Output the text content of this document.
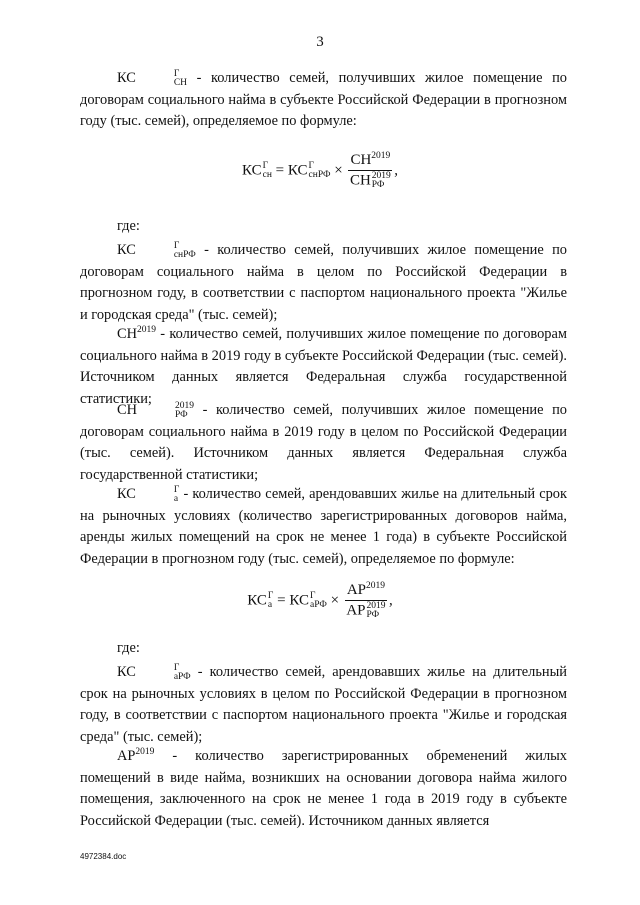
3
КС	Г
СН - количество семей, получивших жилое помещение по договорам социального найма в субъекте Российской Федерации в прогнозном году (тыс. семей), определяемое по формуле:
КС Г
сн = КС Г
снРФ × $СН^{2019}$
СН 2019
РФ ,
где:
КС	Г
снРФ - количество семей, получивших жилое помещение по договорам социального найма в целом по Российской Федерации в прогнозном году, в соответствии с паспортом национального проекта "Жилье и городская среда" (тыс. семей);
$СН^{2019}$ - количество семей, получивших жилое помещение по договорам социального найма в 2019 году в субъекте Российской Федерации (тыс. семей). Источником данных является Федеральная служба государственной статистики;
СН	2019
РФ - количество семей, получивших жилое помещение по договорам социального найма в 2019 году в целом по Российской Федерации (тыс. семей). Источником данных является Федеральная служба государственной статистики;
КС	Г
а - количество семей, арендовавших жилье на длительный срок на рыночных условиях (количество зарегистрированных договоров найма, аренды жилых помещений на срок не менее 1 года) в субъекте Российской Федерации в прогнозном году (тыс. семей), определяемое по формуле:
КС Г
а = КС Г
аРФ × $АР^{2019}$
АР 2019
РФ ,
где:
КС	Г
аРФ - количество семей, арендовавших жилье на длительный срок на рыночных условиях в целом по Российской Федерации в прогнозном году, в соответствии с паспортом национального проекта "Жилье и городская среда" (тыс. семей);
$АР^{2019}$ - количество зарегистрированных обременений жилых помещений в виде найма, возникших на основании договора найма жилого помещения, заключенного на срок не менее 1 года в 2019 году в субъекте Российской Федерации (тыс. семей). Источником данных является
4972384.doc
